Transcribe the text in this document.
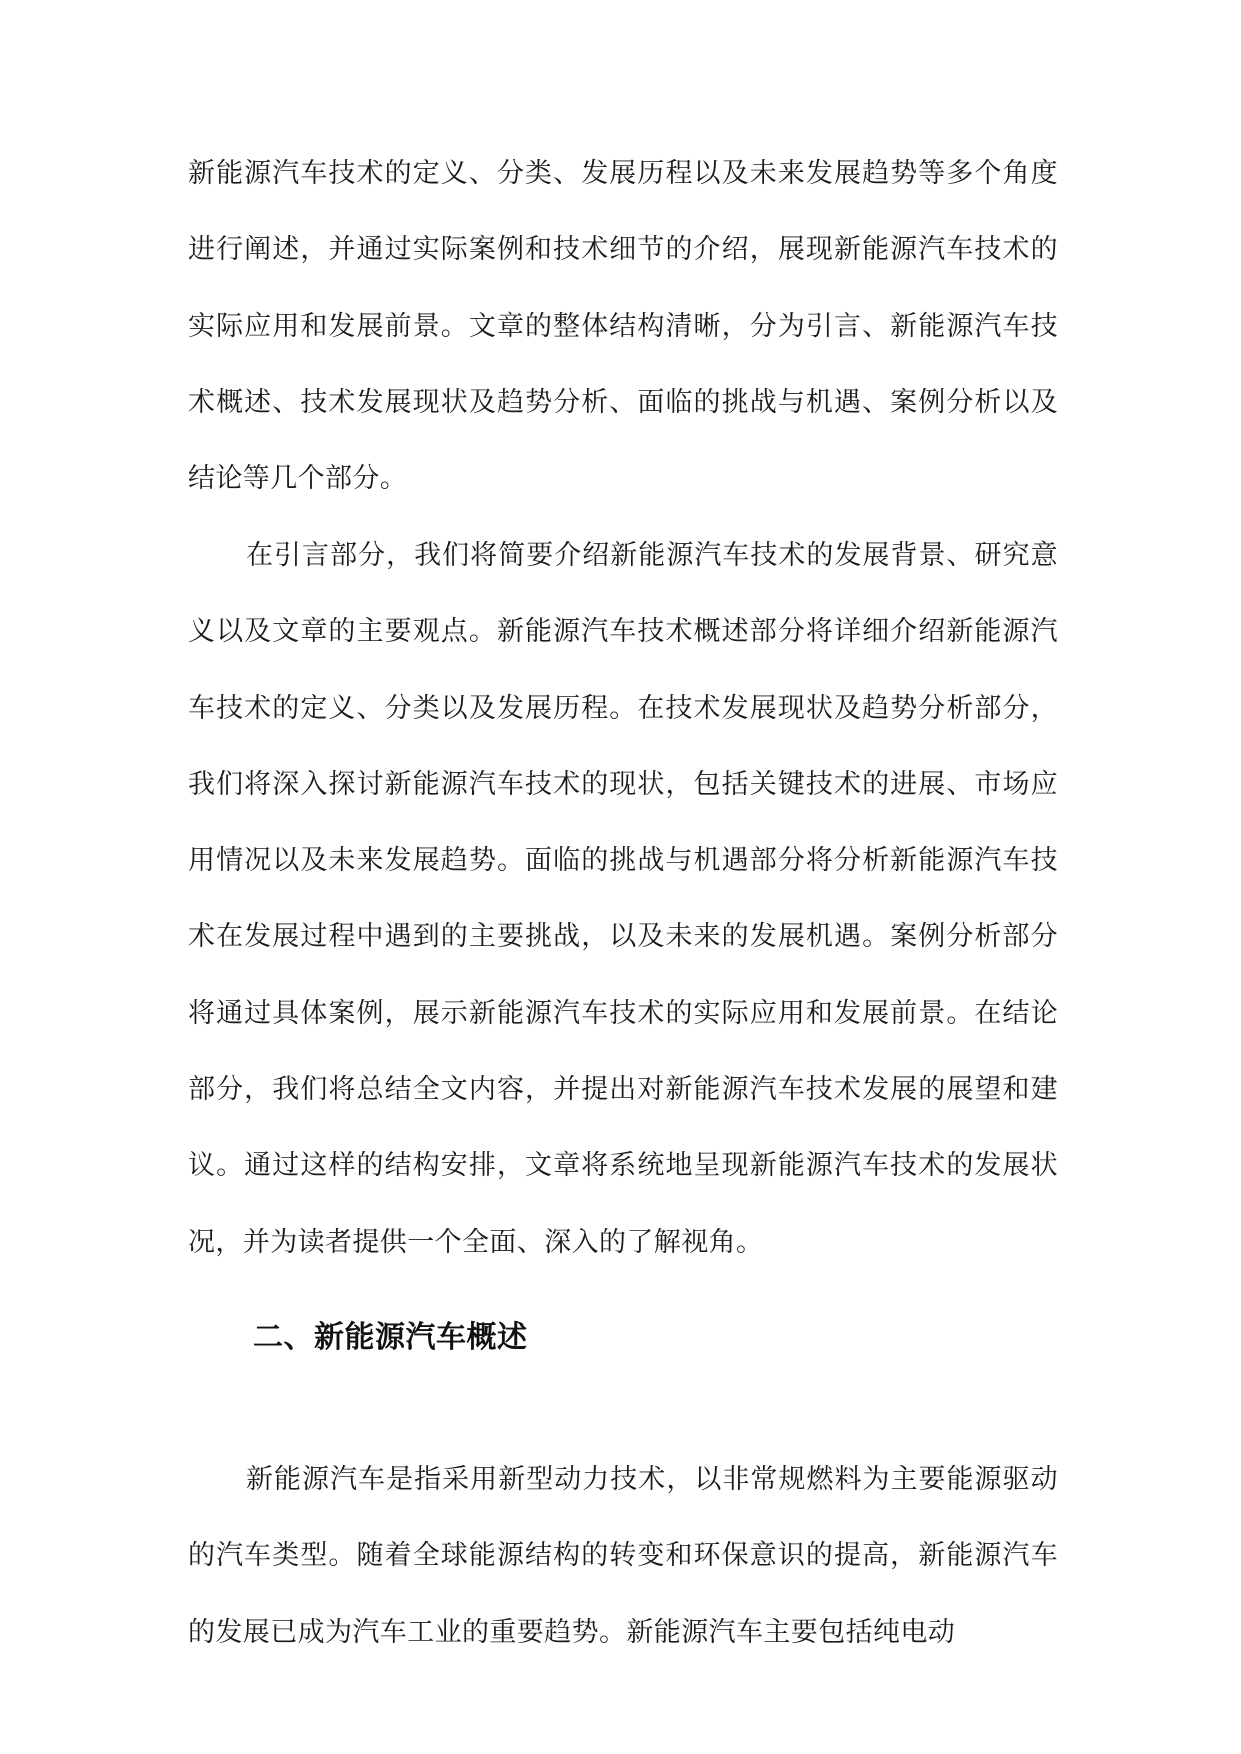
新能源汽车技术的定义、分类、发展历程以及未来发展趋势等多个角度进行阐述，并通过实际案例和技术细节的介绍，展现新能源汽车技术的实际应用和发展前景。文章的整体结构清晰，分为引言、新能源汽车技术概述、技术发展现状及趋势分析、面临的挑战与机遇、案例分析以及结论等几个部分。

在引言部分，我们将简要介绍新能源汽车技术的发展背景、研究意义以及文章的主要观点。新能源汽车技术概述部分将详细介绍新能源汽车技术的定义、分类以及发展历程。在技术发展现状及趋势分析部分，我们将深入探讨新能源汽车技术的现状，包括关键技术的进展、市场应用情况以及未来发展趋势。面临的挑战与机遇部分将分析新能源汽车技术在发展过程中遇到的主要挑战，以及未来的发展机遇。案例分析部分将通过具体案例，展示新能源汽车技术的实际应用和发展前景。在结论部分，我们将总结全文内容，并提出对新能源汽车技术发展的展望和建议。通过这样的结构安排，文章将系统地呈现新能源汽车技术的发展状况，并为读者提供一个全面、深入的了解视角。

二、新能源汽车概述

新能源汽车是指采用新型动力技术，以非常规燃料为主要能源驱动的汽车类型。随着全球能源结构的转变和环保意识的提高，新能源汽车的发展已成为汽车工业的重要趋势。新能源汽车主要包括纯电动
